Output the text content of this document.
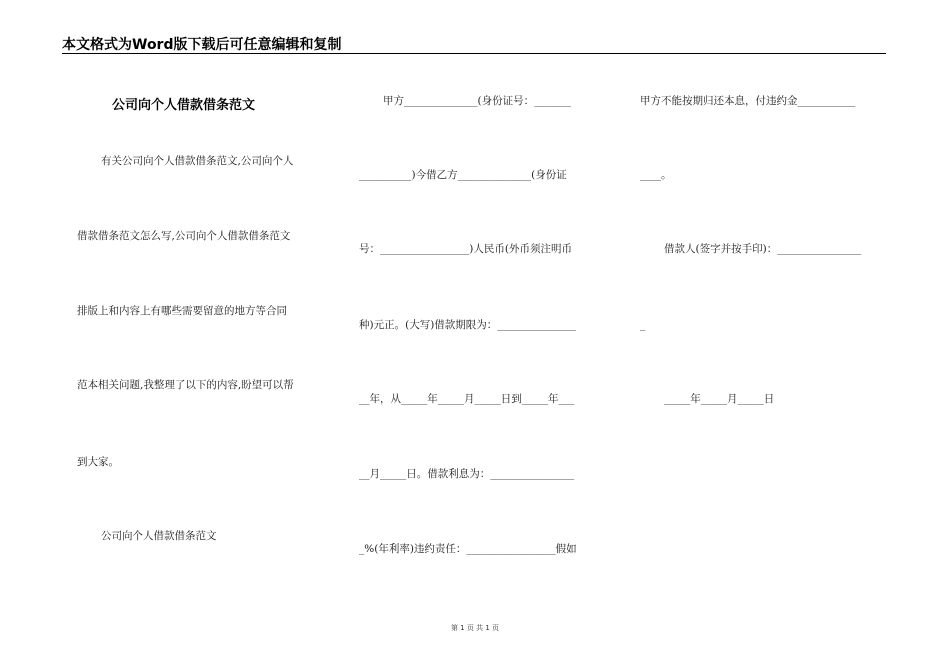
本文格式为Word版下载后可任意编辑和复制
公司向个人借款借条范文
有关公司向个人借款借条范文,公司向个人
借款借条范文怎么写,公司向个人借款借条范文
排版上和内容上有哪些需要留意的地方等合同
范本相关问题,我整理了以下的内容,盼望可以帮
到大家。
公司向个人借款借条范文
甲方______________(身份证号：_______
__________)今借乙方______________(身份证
号：_________________)人民币(外币须注明币
种)元正。(大写)借款期限为：_______________
__年，从_____年_____月_____日到_____年___
__月_____日。借款利息为：________________
_%(年利率)违约责任：_________________假如
甲方不能按期归还本息，付违约金___________
____。
借款人(签字并按手印)：________________
_
_____年_____月_____日
第 1 页 共 1 页
